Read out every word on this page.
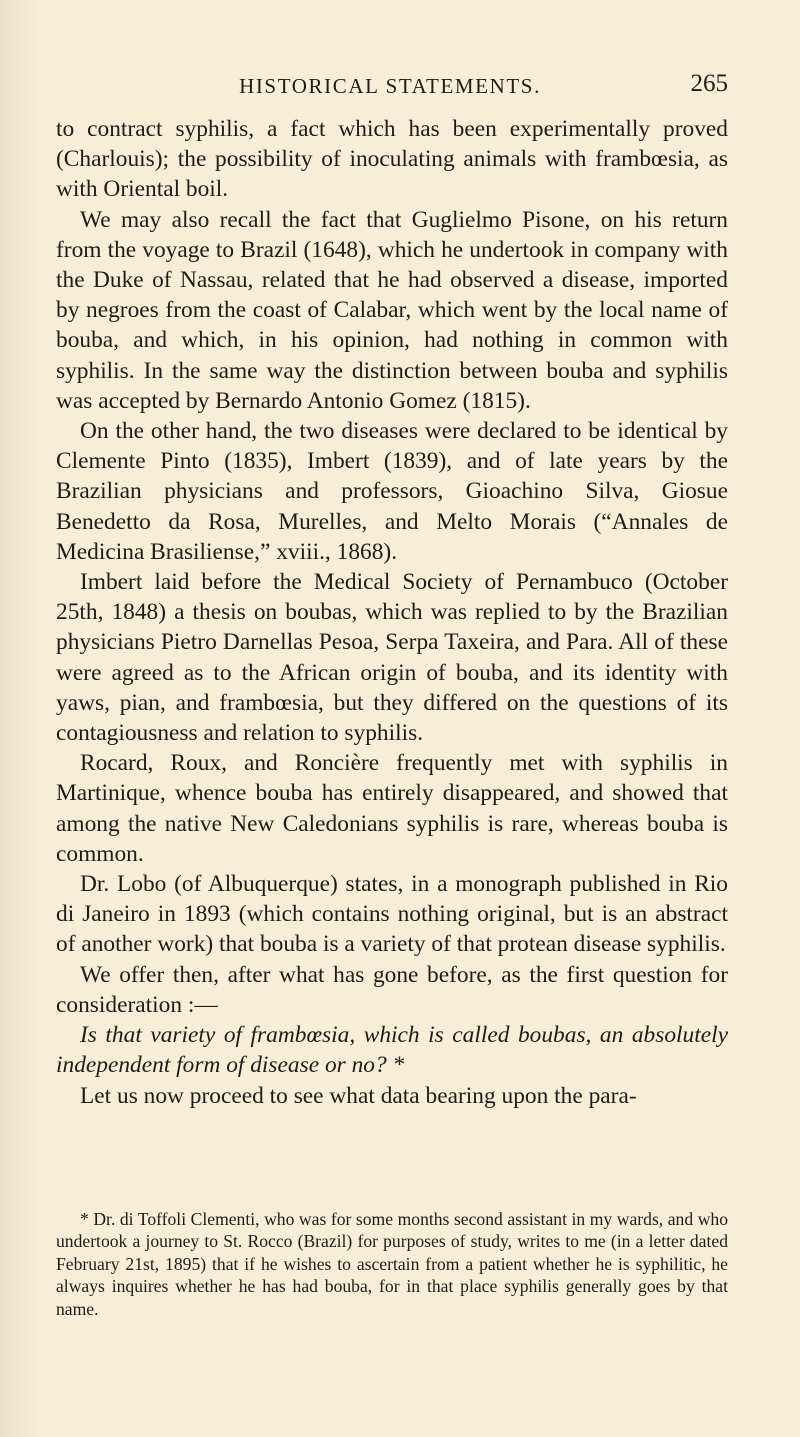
HISTORICAL STATEMENTS.	265

to contract syphilis, a fact which has been experimentally proved (Charlouis); the possibility of inoculating animals with frambœsia, as with Oriental boil.

We may also recall the fact that Guglielmo Pisone, on his return from the voyage to Brazil (1648), which he undertook in company with the Duke of Nassau, related that he had observed a disease, imported by negroes from the coast of Calabar, which went by the local name of bouba, and which, in his opinion, had nothing in common with syphilis. In the same way the distinction between bouba and syphilis was accepted by Bernardo Antonio Gomez (1815).

On the other hand, the two diseases were declared to be identical by Clemente Pinto (1835), Imbert (1839), and of late years by the Brazilian physicians and professors, Gioachino Silva, Giosue Benedetto da Rosa, Murelles, and Melto Morais (“Annales de Medicina Brasiliense,” xviii., 1868).

Imbert laid before the Medical Society of Pernambuco (October 25th, 1848) a thesis on boubas, which was replied to by the Brazilian physicians Pietro Darnellas Pesoa, Serpa Taxeira, and Para. All of these were agreed as to the African origin of bouba, and its identity with yaws, pian, and frambœsia, but they differed on the questions of its contagiousness and relation to syphilis.

Rocard, Roux, and Roncière frequently met with syphilis in Martinique, whence bouba has entirely disappeared, and showed that among the native New Caledonians syphilis is rare, whereas bouba is common.

Dr. Lobo (of Albuquerque) states, in a monograph published in Rio di Janeiro in 1893 (which contains nothing original, but is an abstract of another work) that bouba is a variety of that protean disease syphilis.

We offer then, after what has gone before, as the first question for consideration :—

Is that variety of frambœsia, which is called boubas, an absolutely independent form of disease or no? *

Let us now proceed to see what data bearing upon the para-

* Dr. di Toffoli Clementi, who was for some months second assistant in my wards, and who undertook a journey to St. Rocco (Brazil) for purposes of study, writes to me (in a letter dated February 21st, 1895) that if he wishes to ascertain from a patient whether he is syphilitic, he always inquires whether he has had bouba, for in that place syphilis generally goes by that name.
